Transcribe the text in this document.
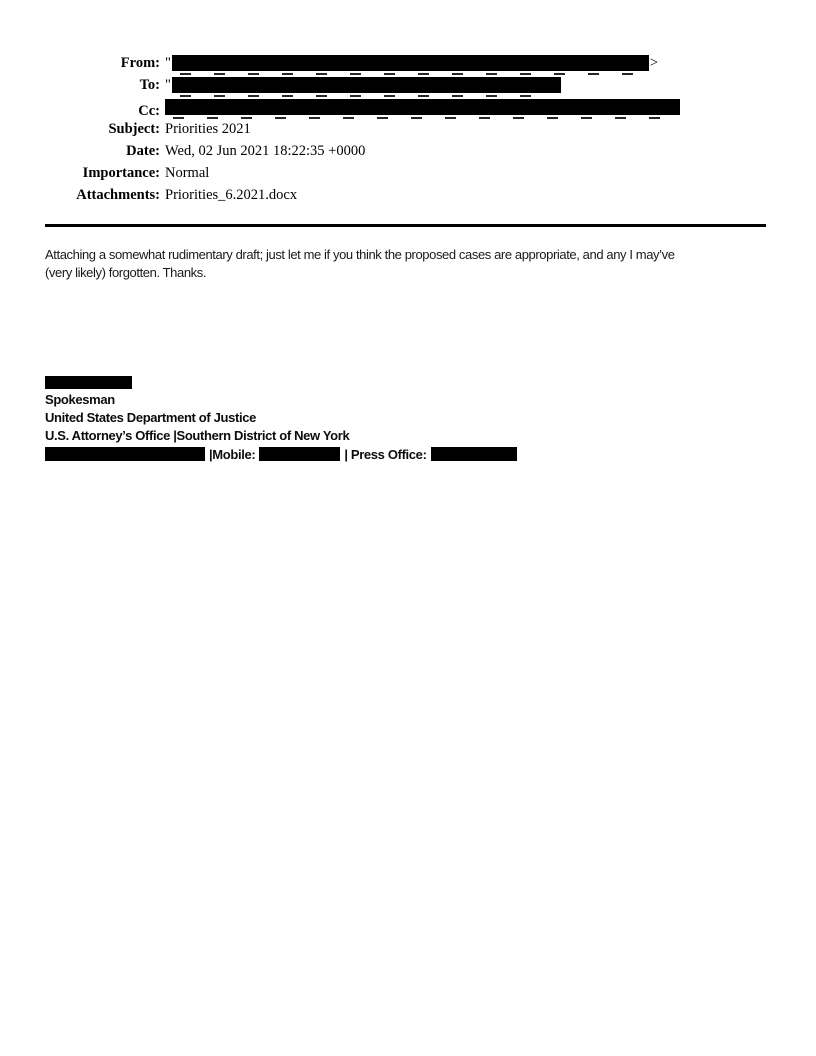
From: "	>
To: "
Cc:
Subject: Priorities 2021
Date: Wed, 02 Jun 2021 18:22:35 +0000
Importance: Normal
Attachments: Priorities_6.2021.docx
Attaching a somewhat rudimentary draft; just let me if you think the proposed cases are appropriate, and any I may’ve
(very likely) forgotten. Thanks.
Spokesman
United States Department of Justice
U.S. Attorney’s Office |Southern District of New York
|Mobile:	| Press Office:
